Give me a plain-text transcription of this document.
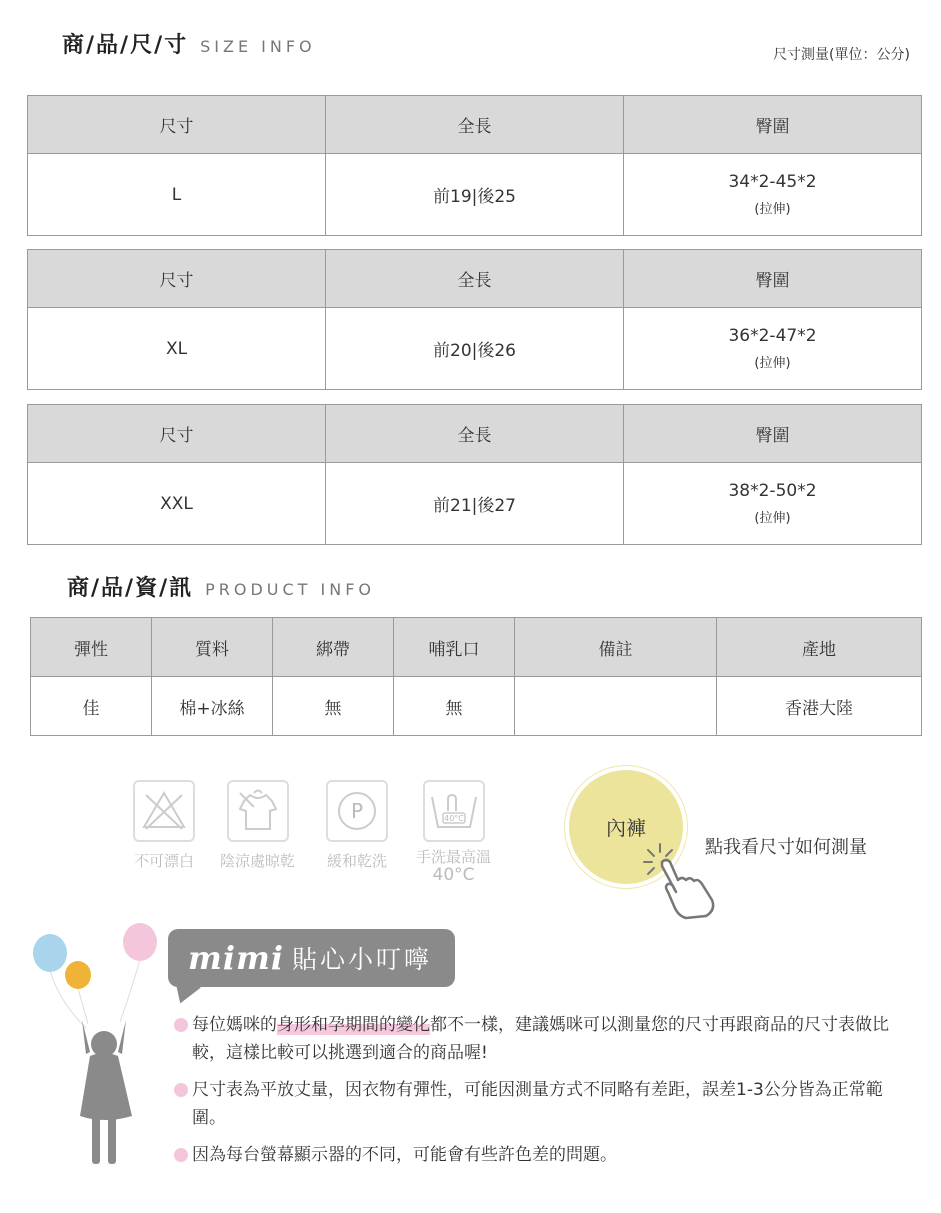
商/品/尺/寸 SIZE INFO	尺寸測量(單位：公分)
尺寸	全長	臀圍
L	前19|後25	34*2-45*2
(拉伸)
尺寸	全長	臀圍
XL	前20|後26	36*2-47*2
(拉伸)
尺寸	全長	臀圍
XXL	前21|後27	38*2-50*2
(拉伸)
商/品/資/訊 PRODUCT INFO
彈性	質料	綁帶	哺乳口	備註	產地
佳	棉+冰絲	無	無		香港大陸
不可漂白 陰涼處晾乾
P
緩和乾洗
40°C
手洗最高溫
40°C
內褲
點我看尺寸如何測量
mimi 貼心小叮嚀
每位媽咪的身形和孕期間的變化都不一樣，建議媽咪可以測量您的尺寸再跟商品的尺寸表做比較，這樣比較可以挑選到適合的商品喔!
尺寸表為平放丈量，因衣物有彈性，可能因測量方式不同略有差距，誤差1-3公分皆為正常範圍。
因為每台螢幕顯示器的不同，可能會有些許色差的問題。
